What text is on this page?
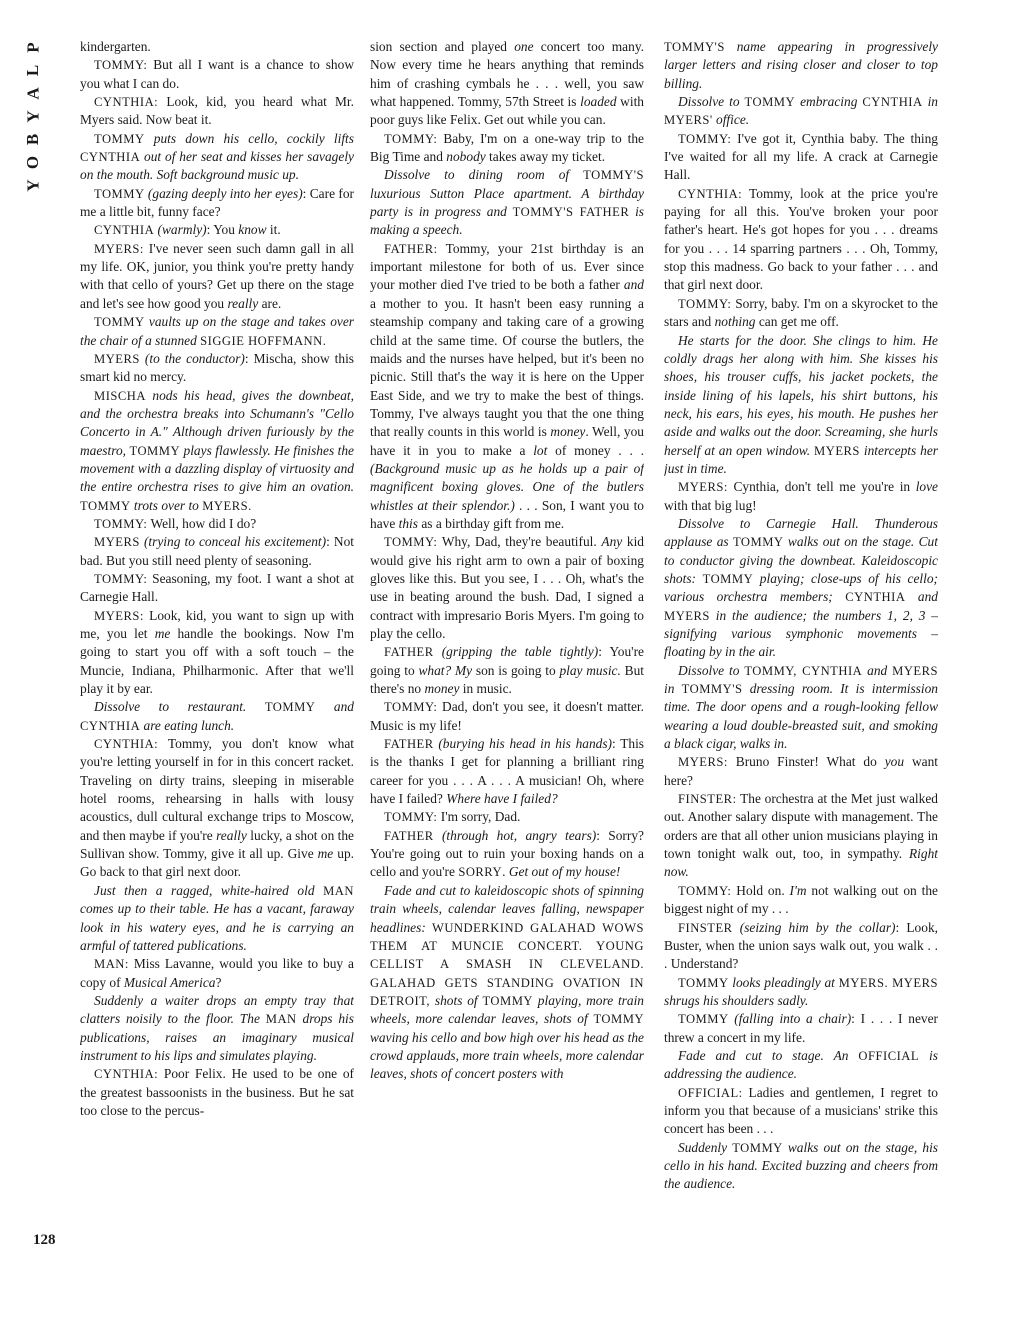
P
L
A
Y
B
O
Y
128

kindergarten.

TOMMY: But all I want is a chance to show you what I can do.

CYNTHIA: Look, kid, you heard what Mr. Myers said. Now beat it.

TOMMY puts down his cello, cockily lifts CYNTHIA out of her seat and kisses her savagely on the mouth. Soft background music up.

TOMMY (gazing deeply into her eyes): Care for me a little bit, funny face?

CYNTHIA (warmly): You know it.

MYERS: I've never seen such damn gall in all my life. OK, junior, you think you're pretty handy with that cello of yours? Get up there on the stage and let's see how good you really are.

TOMMY vaults up on the stage and takes over the chair of a stunned SIGGIE HOFFMANN.

MYERS (to the conductor): Mischa, show this smart kid no mercy.

MISCHA nods his head, gives the downbeat, and the orchestra breaks into Schumann's "Cello Concerto in A." Although driven furiously by the maestro, TOMMY plays flawlessly. He finishes the movement with a dazzling display of virtuosity and the entire orchestra rises to give him an ovation. TOMMY trots over to MYERS.

TOMMY: Well, how did I do?

MYERS (trying to conceal his excitement): Not bad. But you still need plenty of seasoning.

TOMMY: Seasoning, my foot. I want a shot at Carnegie Hall.

MYERS: Look, kid, you want to sign up with me, you let me handle the bookings. Now I'm going to start you off with a soft touch – the Muncie, Indiana, Philharmonic. After that we'll play it by ear.

Dissolve to restaurant. TOMMY and CYNTHIA are eating lunch.

CYNTHIA: Tommy, you don't know what you're letting yourself in for in this concert racket. Traveling on dirty trains, sleeping in miserable hotel rooms, rehearsing in halls with lousy acoustics, dull cultural exchange trips to Moscow, and then maybe if you're really lucky, a shot on the Sullivan show. Tommy, give it all up. Give me up. Go back to that girl next door.

Just then a ragged, white-haired old MAN comes up to their table. He has a vacant, faraway look in his watery eyes, and he is carrying an armful of tattered publications.

MAN: Miss Lavanne, would you like to buy a copy of Musical America?

Suddenly a waiter drops an empty tray that clatters noisily to the floor. The MAN drops his publications, raises an imaginary musical instrument to his lips and simulates playing.

CYNTHIA: Poor Felix. He used to be one of the greatest bassoonists in the business. But he sat too close to the percus-

sion section and played one concert too many. Now every time he hears anything that reminds him of crashing cymbals he . . . well, you saw what happened. Tommy, 57th Street is loaded with poor guys like Felix. Get out while you can.

TOMMY: Baby, I'm on a one-way trip to the Big Time and nobody takes away my ticket.

Dissolve to dining room of TOMMY'S luxurious Sutton Place apartment. A birthday party is in progress and TOMMY'S FATHER is making a speech.

FATHER: Tommy, your 21st birthday is an important milestone for both of us. Ever since your mother died I've tried to be both a father and a mother to you. It hasn't been easy running a steamship company and taking care of a growing child at the same time. Of course the butlers, the maids and the nurses have helped, but it's been no picnic. Still that's the way it is here on the Upper East Side, and we try to make the best of things. Tommy, I've always taught you that the one thing that really counts in this world is money. Well, you have it in you to make a lot of money . . . (Background music up as he holds up a pair of magnificent boxing gloves. One of the butlers whistles at their splendor.) . . . Son, I want you to have this as a birthday gift from me.

TOMMY: Why, Dad, they're beautiful. Any kid would give his right arm to own a pair of boxing gloves like this. But you see, I . . . Oh, what's the use in beating around the bush. Dad, I signed a contract with impresario Boris Myers. I'm going to play the cello.

FATHER (gripping the table tightly): You're going to what? My son is going to play music. But there's no money in music.

TOMMY: Dad, don't you see, it doesn't matter. Music is my life!

FATHER (burying his head in his hands): This is the thanks I get for planning a brilliant ring career for you . . . A . . . A musician! Oh, where have I failed? Where have I failed?

TOMMY: I'm sorry, Dad.

FATHER (through hot, angry tears): Sorry? You're going out to ruin your boxing hands on a cello and you're SORRY. Get out of my house!

Fade and cut to kaleidoscopic shots of spinning train wheels, calendar leaves falling, newspaper headlines: WUNDERKIND GALAHAD WOWS THEM AT MUNCIE CONCERT. YOUNG CELLIST A SMASH IN CLEVELAND. GALAHAD GETS STANDING OVATION IN DETROIT, shots of TOMMY playing, more train wheels, more calendar leaves, shots of TOMMY waving his cello and bow high over his head as the crowd applauds, more train wheels, more calendar leaves, shots of concert posters with

TOMMY'S name appearing in progressively larger letters and rising closer and closer to top billing.

Dissolve to TOMMY embracing CYNTHIA in MYERS' office.

TOMMY: I've got it, Cynthia baby. The thing I've waited for all my life. A crack at Carnegie Hall.

CYNTHIA: Tommy, look at the price you're paying for all this. You've broken your poor father's heart. He's got hopes for you . . . dreams for you . . . 14 sparring partners . . . Oh, Tommy, stop this madness. Go back to your father . . . and that girl next door.

TOMMY: Sorry, baby. I'm on a skyrocket to the stars and nothing can get me off.

He starts for the door. She clings to him. He coldly drags her along with him. She kisses his shoes, his trouser cuffs, his jacket pockets, the inside lining of his lapels, his shirt buttons, his neck, his ears, his eyes, his mouth. He pushes her aside and walks out the door. Screaming, she hurls herself at an open window. MYERS intercepts her just in time.

MYERS: Cynthia, don't tell me you're in love with that big lug!

Dissolve to Carnegie Hall. Thunderous applause as TOMMY walks out on the stage. Cut to conductor giving the downbeat. Kaleidoscopic shots: TOMMY playing; close-ups of his cello; various orchestra members; CYNTHIA and MYERS in the audience; the numbers 1, 2, 3 – signifying various symphonic movements – floating by in the air.

Dissolve to TOMMY, CYNTHIA and MYERS in TOMMY'S dressing room. It is intermission time. The door opens and a rough-looking fellow wearing a loud double-breasted suit, and smoking a black cigar, walks in.

MYERS: Bruno Finster! What do you want here?

FINSTER: The orchestra at the Met just walked out. Another salary dispute with management. The orders are that all other union musicians playing in town tonight walk out, too, in sympathy. Right now.

TOMMY: Hold on. I'm not walking out on the biggest night of my . . .

FINSTER (seizing him by the collar): Look, Buster, when the union says walk out, you walk . . . Understand?

TOMMY looks pleadingly at MYERS. MYERS shrugs his shoulders sadly.

TOMMY (falling into a chair): I . . . I never threw a concert in my life.

Fade and cut to stage. An OFFICIAL is addressing the audience.

OFFICIAL: Ladies and gentlemen, I regret to inform you that because of a musicians' strike this concert has been . . .

Suddenly TOMMY walks out on the stage, his cello in his hand. Excited buzzing and cheers from the audience.
